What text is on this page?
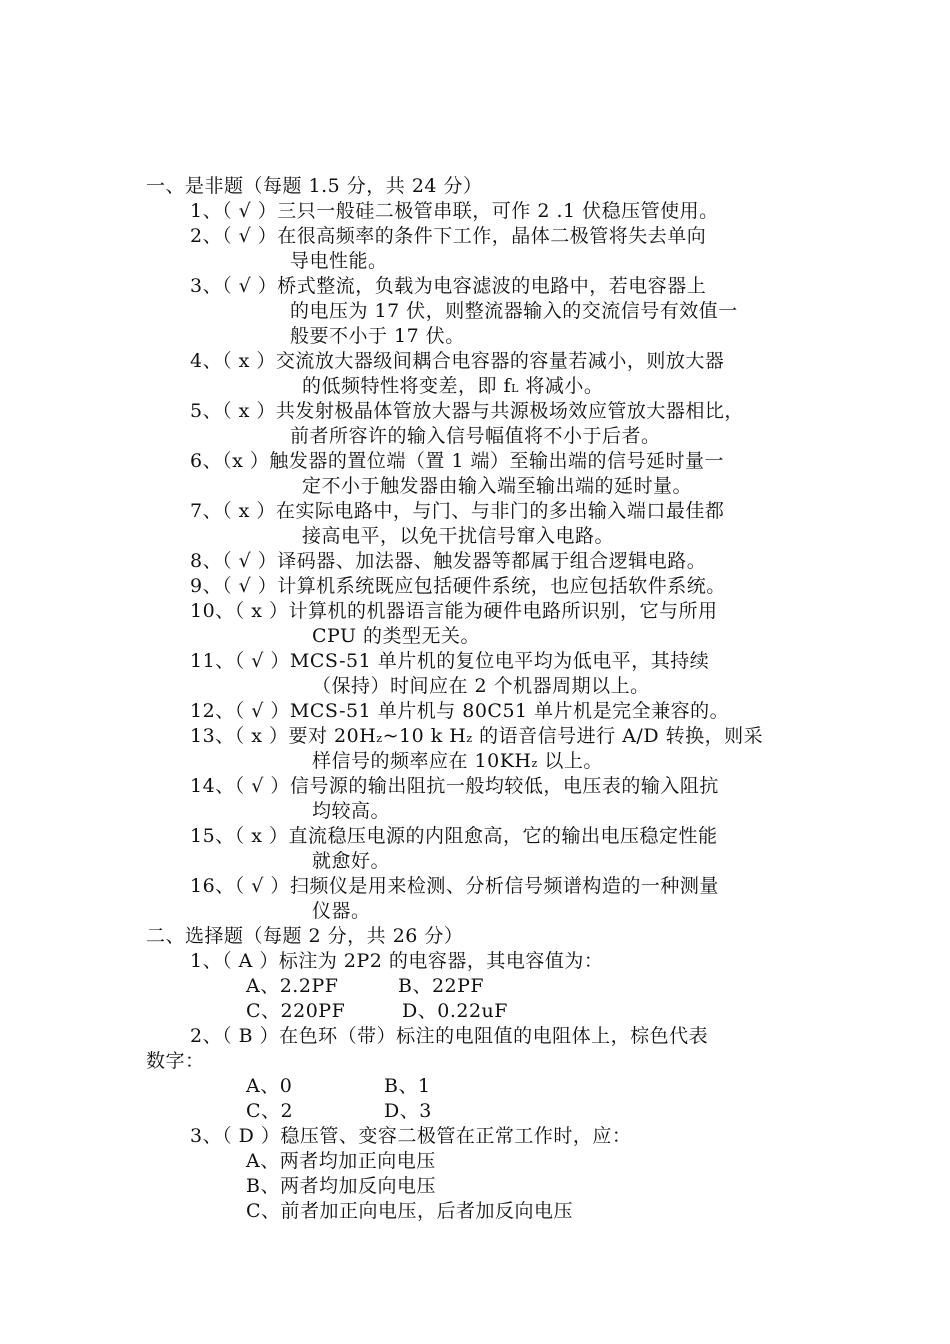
一、是非题（每题 1.5 分，共 24 分）
1、（ √ ）三只一般硅二极管串联，可作 2 .1 伏稳压管使用。
2、（ √ ）在很高频率的条件下工作，晶体二极管将失去单向
导电性能。
3、（ √ ）桥式整流，负载为电容滤波的电路中，若电容器上
的电压为 17 伏，则整流器输入的交流信号有效值一
般要不小于 17 伏。
4、（ x ）交流放大器级间耦合电容器的容量若减小，则放大器
的低频特性将变差，即 fL 将减小。
5、（ x ）共发射极晶体管放大器与共源极场效应管放大器相比，
前者所容许的输入信号幅值将不小于后者。
6、（x ）触发器的置位端（置 1 端）至输出端的信号延时量一
定不小于触发器由输入端至输出端的延时量。
7、（ x ）在实际电路中，与门、与非门的多出输入端口最佳都
接高电平，以免干扰信号窜入电路。
8、（ √ ）译码器、加法器、触发器等都属于组合逻辑电路。
9、（ √ ）计算机系统既应包括硬件系统，也应包括软件系统。
10、（ x ）计算机的机器语言能为硬件电路所识别，它与所用
CPU 的类型无关。
11、（ √ ）MCS-51 单片机的复位电平均为低电平，其持续
（保持）时间应在 2 个机器周期以上。
12、（ √ ）MCS-51 单片机与 80C51 单片机是完全兼容的。
13、（ x ）要对 20Hz~10 k Hz 的语音信号进行 A/D 转换，则采
样信号的频率应在 10KHz 以上。
14、（ √ ）信号源的输出阻抗一般均较低，电压表的输入阻抗
均较高。
15、（ x ）直流稳压电源的内阻愈高，它的输出电压稳定性能
就愈好。
16、（ √ ）扫频仪是用来检测、分析信号频谱构造的一种测量
仪器。
二、选择题（每题 2 分，共 26 分）
1、（ A ）标注为 2P2 的电容器，其电容值为：
A、2.2PF	B、22PF
C、220PF	D、0.22uF
2、（ B ）在色环（带）标注的电阻值的电阻体上，棕色代表
数字：
A、0	B、1
C、2	D、3
3、（ D ）稳压管、变容二极管在正常工作时，应：
A、两者均加正向电压
B、两者均加反向电压
C、前者加正向电压，后者加反向电压
